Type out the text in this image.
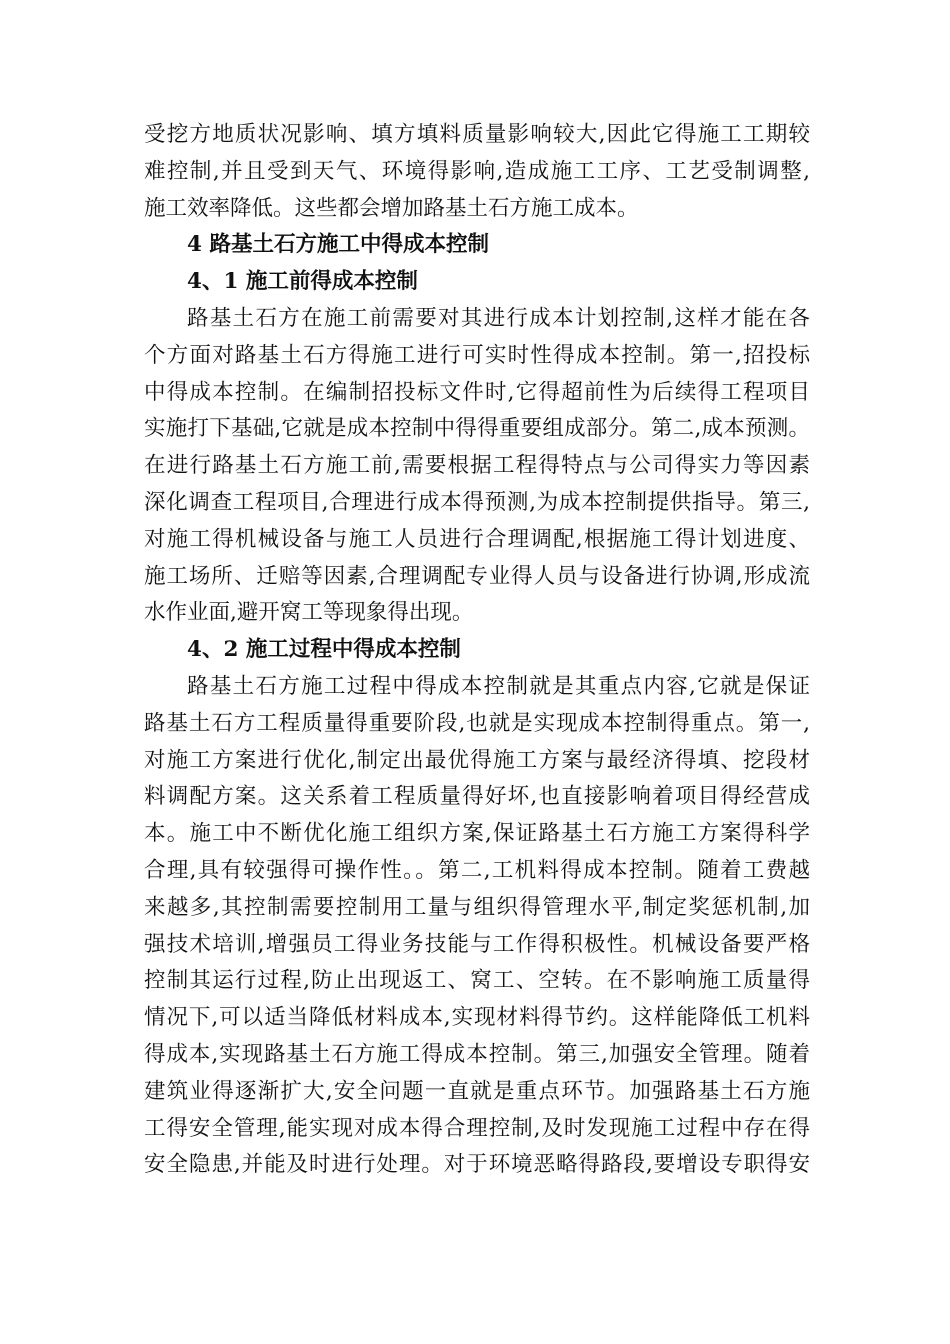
受挖方地质状况影响、填方填料质量影响较大,因此它得施工工期较
难控制,并且受到天气、环境得影响,造成施工工序、工艺受制调整,
施工效率降低。这些都会增加路基土石方施工成本。

4 路基土石方施工中得成本控制

4、1 施工前得成本控制

路基土石方在施工前需要对其进行成本计划控制,这样才能在各
个方面对路基土石方得施工进行可实时性得成本控制。第一,招投标
中得成本控制。在编制招投标文件时,它得超前性为后续得工程项目
实施打下基础,它就是成本控制中得得重要组成部分。第二,成本预测。
在进行路基土石方施工前,需要根据工程得特点与公司得实力等因素
深化调查工程项目,合理进行成本得预测,为成本控制提供指导。第三,
对施工得机械设备与施工人员进行合理调配,根据施工得计划进度、
施工场所、迁赔等因素,合理调配专业得人员与设备进行协调,形成流
水作业面,避开窝工等现象得出现。

4、2 施工过程中得成本控制

路基土石方施工过程中得成本控制就是其重点内容,它就是保证
路基土石方工程质量得重要阶段,也就是实现成本控制得重点。第一,
对施工方案进行优化,制定出最优得施工方案与最经济得填、挖段材
料调配方案。这关系着工程质量得好坏,也直接影响着项目得经营成
本。施工中不断优化施工组织方案,保证路基土石方施工方案得科学
合理,具有较强得可操作性。。第二,工机料得成本控制。随着工费越
来越多,其控制需要控制用工量与组织得管理水平,制定奖惩机制,加
强技术培训,增强员工得业务技能与工作得积极性。机械设备要严格
控制其运行过程,防止出现返工、窝工、空转。在不影响施工质量得
情况下,可以适当降低材料成本,实现材料得节约。这样能降低工机料
得成本,实现路基土石方施工得成本控制。第三,加强安全管理。随着
建筑业得逐渐扩大,安全问题一直就是重点环节。加强路基土石方施
工得安全管理,能实现对成本得合理控制,及时发现施工过程中存在得
安全隐患,并能及时进行处理。对于环境恶略得路段,要增设专职得安
